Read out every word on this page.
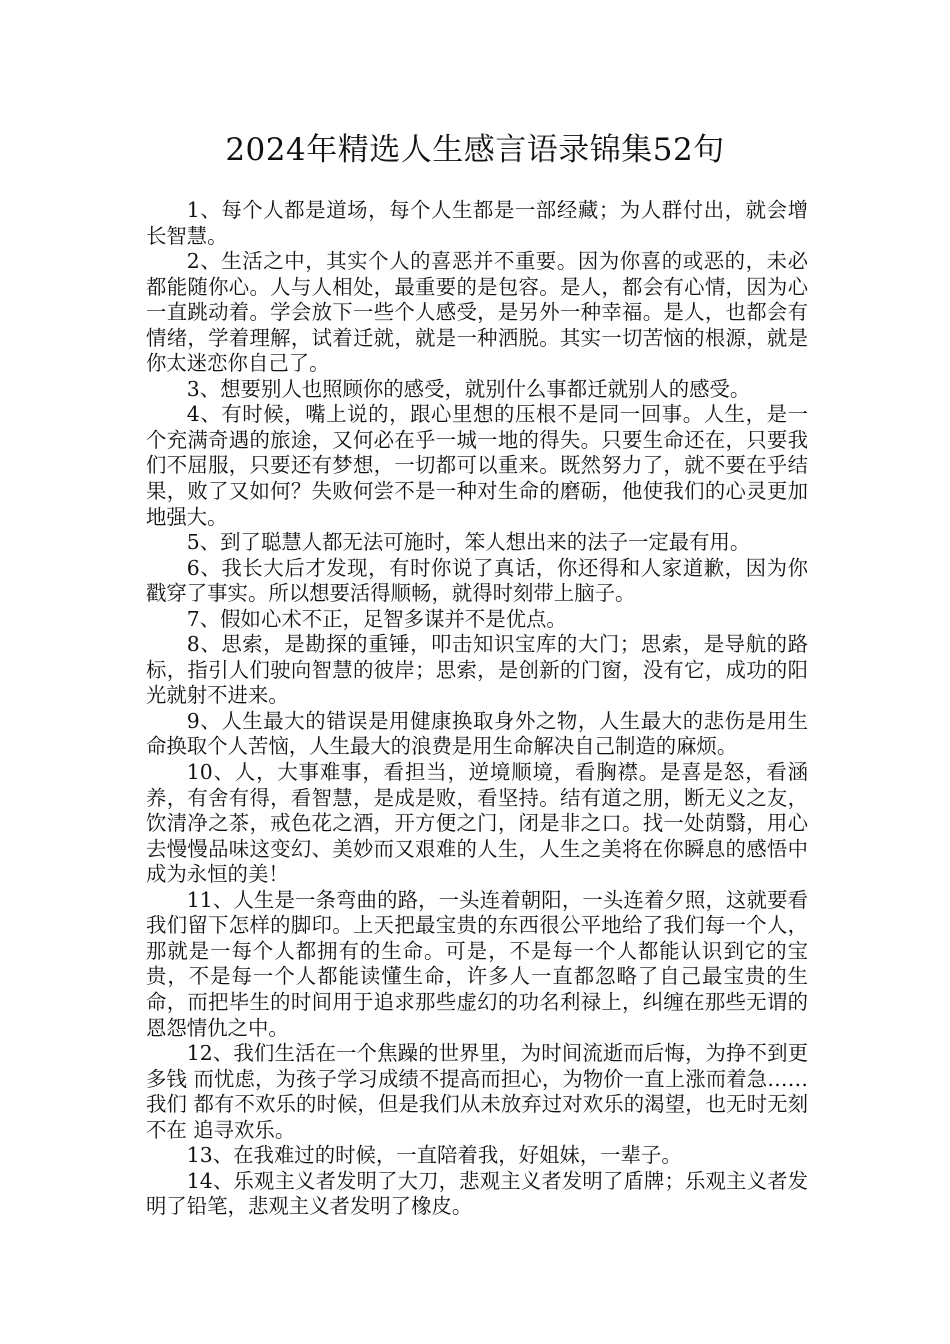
2024年精选人生感言语录锦集52句

1、每个人都是道场，每个人生都是一部经藏；为人群付出，就会增长智慧。

2、生活之中，其实个人的喜恶并不重要。因为你喜的或恶的，未必都能随你心。人与人相处，最重要的是包容。是人，都会有心情，因为心一直跳动着。学会放下一些个人感受，是另外一种幸福。是人，也都会有情绪，学着理解，试着迁就，就是一种洒脱。其实一切苦恼的根源，就是你太迷恋你自己了。

3、想要别人也照顾你的感受，就别什么事都迁就别人的感受。

4、有时候，嘴上说的，跟心里想的压根不是同一回事。人生，是一个充满奇遇的旅途，又何必在乎一城一地的得失。只要生命还在，只要我们不屈服，只要还有梦想，一切都可以重来。既然努力了，就不要在乎结果，败了又如何？失败何尝不是一种对生命的磨砺，他使我们的心灵更加地强大。

5、到了聪慧人都无法可施时，笨人想出来的法子一定最有用。

6、我长大后才发现，有时你说了真话，你还得和人家道歉，因为你戳穿了事实。所以想要活得顺畅，就得时刻带上脑子。

7、假如心术不正，足智多谋并不是优点。

8、思索，是勘探的重锤，叩击知识宝库的大门；思索，是导航的路标，指引人们驶向智慧的彼岸；思索，是创新的门窗，没有它，成功的阳光就射不进来。

9、人生最大的错误是用健康换取身外之物，人生最大的悲伤是用生命换取个人苦恼，人生最大的浪费是用生命解决自己制造的麻烦。

10、人，大事难事，看担当，逆境顺境，看胸襟。是喜是怒，看涵养，有舍有得，看智慧，是成是败，看坚持。结有道之朋，断无义之友，饮清净之茶，戒色花之酒，开方便之门，闭是非之口。找一处荫翳，用心去慢慢品味这变幻、美妙而又艰难的人生，人生之美将在你瞬息的感悟中成为永恒的美！

11、人生是一条弯曲的路，一头连着朝阳，一头连着夕照，这就要看我们留下怎样的脚印。上天把最宝贵的东西很公平地给了我们每一个人，那就是一每个人都拥有的生命。可是，不是每一个人都能认识到它的宝贵，不是每一个人都能读懂生命，许多人一直都忽略了自己最宝贵的生命，而把毕生的时间用于追求那些虚幻的功名利禄上，纠缠在那些无谓的恩怨情仇之中。

12、我们生活在一个焦躁的世界里，为时间流逝而后悔，为挣不到更多钱 而忧虑，为孩子学习成绩不提高而担心，为物价一直上涨而着急……我们 都有不欢乐的时候，但是我们从未放弃过对欢乐的渴望，也无时无刻不在 追寻欢乐。

13、在我难过的时候，一直陪着我，好姐妹，一辈子。

14、乐观主义者发明了大刀，悲观主义者发明了盾牌；乐观主义者发明了铅笔，悲观主义者发明了橡皮。
